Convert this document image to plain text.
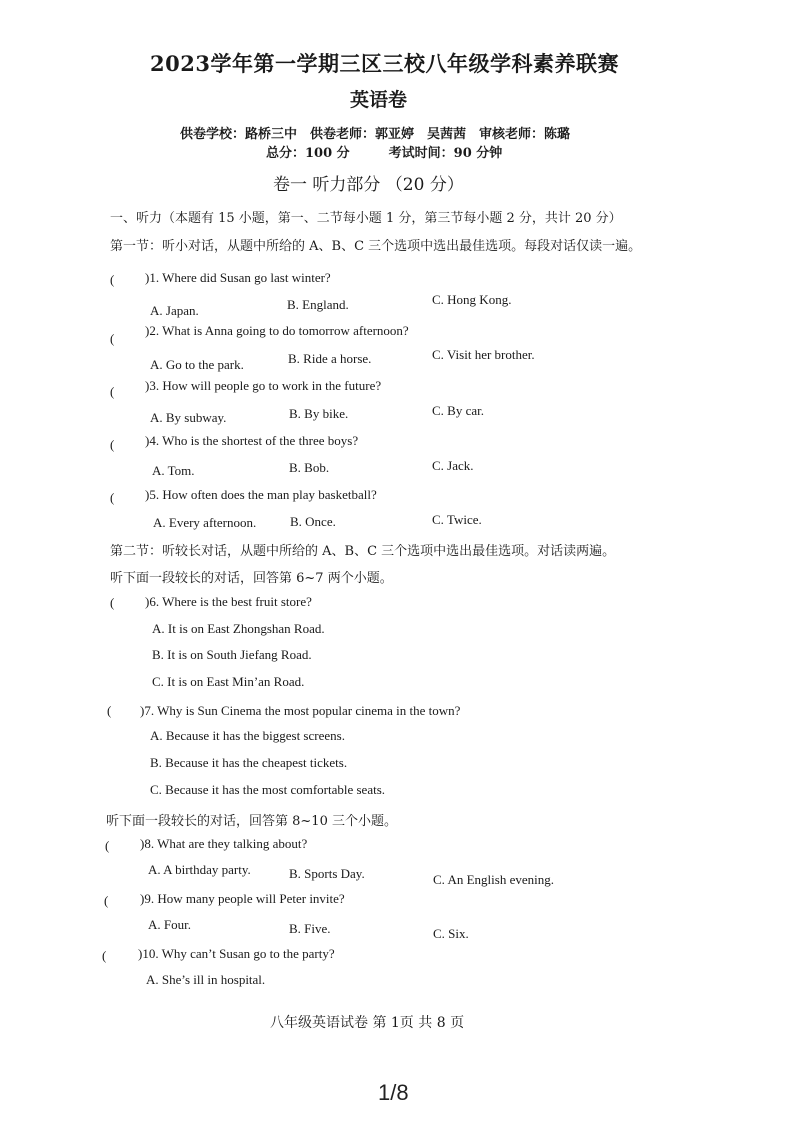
2023学年第一学期三区三校八年级学科素养联赛
英语卷
供卷学校：路桥三中　供卷老师：郭亚婷　吴茜茜　审核老师：陈璐
总分：100 分　　　考试时间：90 分钟
卷一 听力部分 （20 分）
一、听力（本题有 15 小题，第一、二节每小题 1 分，第三节每小题 2 分，共计 20 分）
第一节：听小对话，从题中所给的 A、B、C 三个选项中选出最佳选项。每段对话仅读一遍。
( )1. Where did Susan go last winter?
A. Japan.	B. England.	C. Hong Kong.
(
)2. What is Anna going to do tomorrow afternoon?
A. Go to the park.	B. Ride a horse.	C. Visit her brother.
( )3. How will people go to work in the future?
A. By subway.	B. By bike.	C. By car.
( )4. Who is the shortest of the three boys?
A. Tom.	B. Bob.	C. Jack.
( )5. How often does the man play basketball?
A. Every afternoon.	B. Once.	C. Twice.
第二节：听较长对话，从题中所给的 A、B、C 三个选项中选出最佳选项。对话读两遍。
听下面一段较长的对话，回答第 6~7 两个小题。
( )6. Where is the best fruit store?
A. It is on East Zhongshan Road.
B. It is on South Jiefang Road.
C. It is on East Min’an Road.
( )7. Why is Sun Cinema the most popular cinema in the town?
A. Because it has the biggest screens.
B. Because it has the cheapest tickets.
C. Because it has the most comfortable seats.
听下面一段较长的对话，回答第 8~10 三个小题。
( )8. What are they talking about?
A. A birthday party.	B. Sports Day.	C. An English evening.
( )9. How many people will Peter invite?
A. Four.	B. Five.	C. Six.
( )10. Why can’t Susan go to the party?
A. She’s ill in hospital.
八年级英语试卷 第 1页 共 8 页
1/8
